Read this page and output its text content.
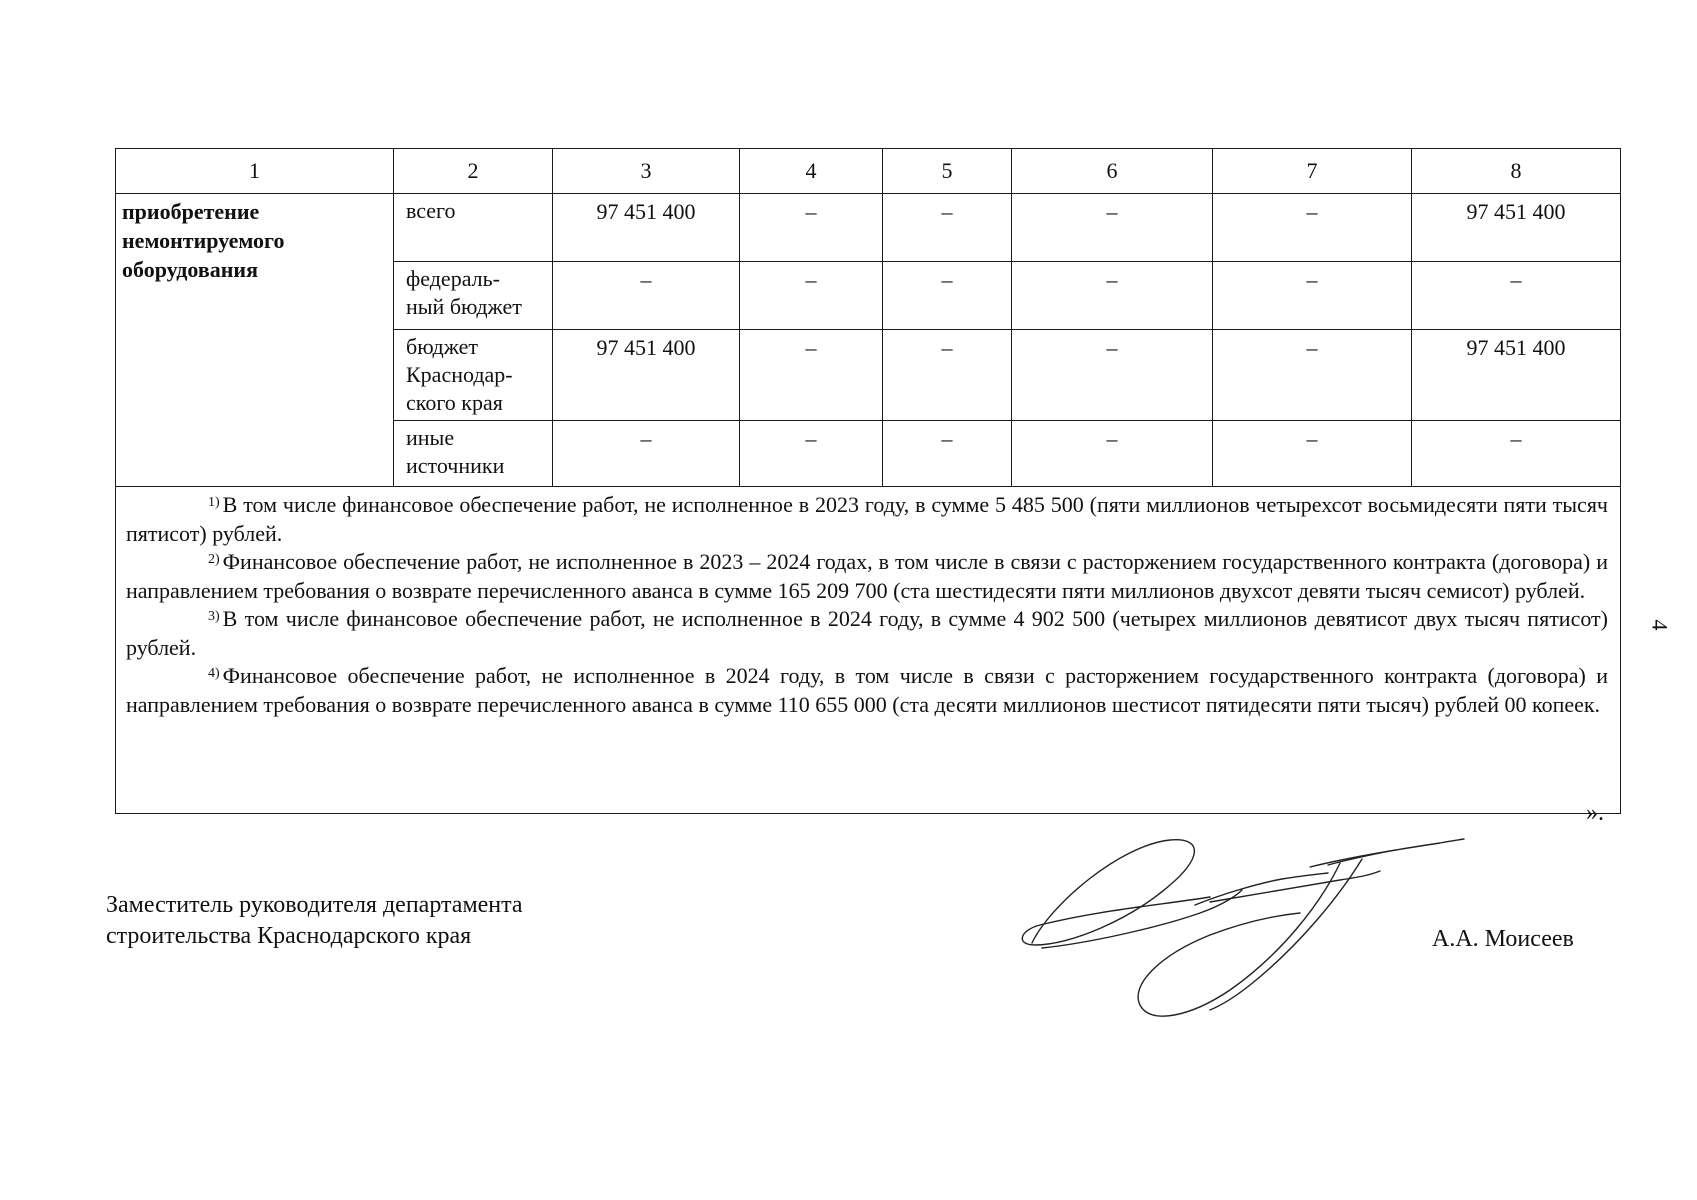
1	2	3	4	5	6	7	8

приобретение
немонтируемого
оборудования	всего	97 451 400	–	–	–	–	97 451 400

	федераль-
ный бюджет	–	–	–	–	–	–

	бюджет
Краснодар-
ского края	97 451 400	–	–	–	–	97 451 400

	иные
источники	–	–	–	–	–	–

$^{1)}$ В том числе финансовое обеспечение работ, не исполненное в 2023 году, в сумме 5 485 500 (пяти миллионов четырехсот восьмидесяти пяти тысяч пятисот) рублей.

$^{2)}$ Финансовое обеспечение работ, не исполненное в 2023 – 2024 годах, в том числе в связи с расторжением государственного контракта (договора) и направлением требования о возврате перечисленного аванса в сумме 165 209 700 (ста шестидесяти пяти миллионов двухсот девяти тысяч семисот) рублей.

$^{3)}$ В том числе финансовое обеспечение работ, не исполненное в 2024 году, в сумме 4 902 500 (четырех миллионов девятисот двух тысяч пятисот) рублей.

$^{4)}$ Финансовое обеспечение работ, не исполненное в 2024 году, в том числе в связи с расторжением государственного контракта (договора) и направлением требования о возврате перечисленного аванса в сумме 110 655 000 (ста десяти миллионов шестисот пятидесяти пяти тысяч) рублей 00 копеек.							

».
Заместитель руководителя департамента
строительства Краснодарского края	А.А. Моисеев
4
